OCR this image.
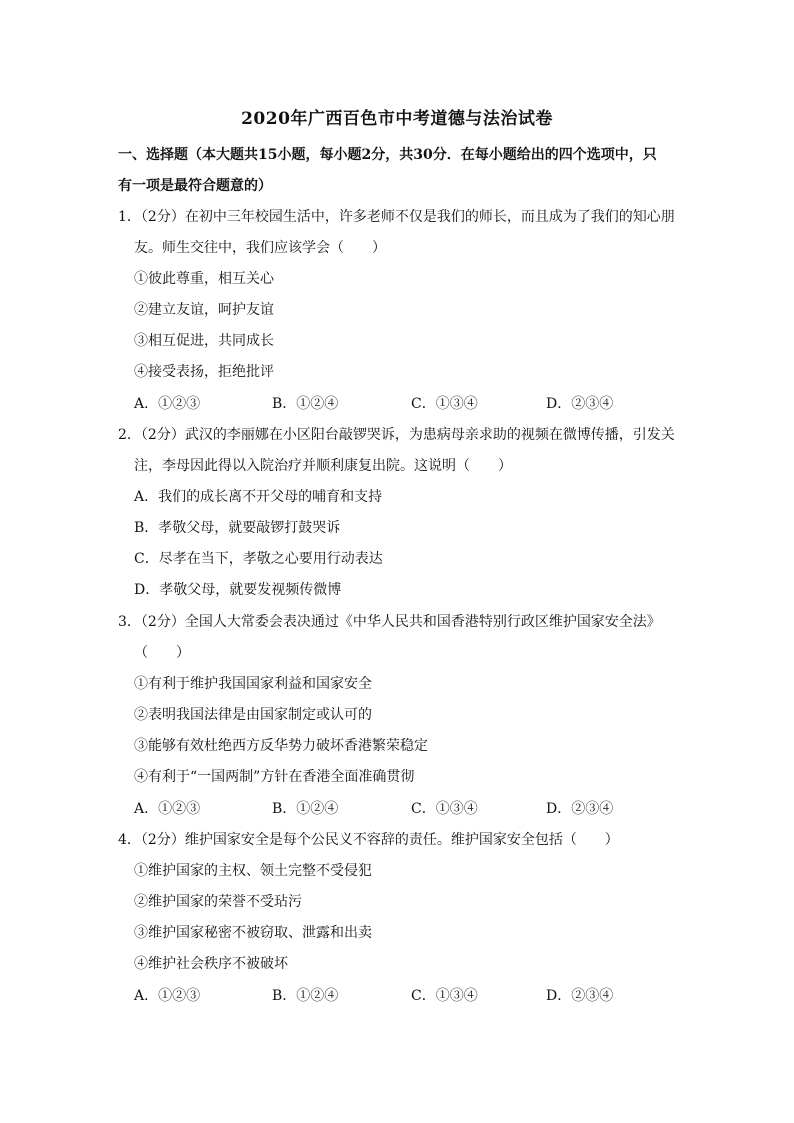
2020年广西百色市中考道德与法治试卷
一、选择题（本大题共15小题，每小题2分，共30分．在每小题给出的四个选项中，只
有一项是最符合题意的）
1．（2分）在初中三年校园生活中，许多老师不仅是我们的师长，而且成为了我们的知心朋
友。师生交往中，我们应该学会（　　）
①彼此尊重，相互关心
②建立友谊，呵护友谊
③相互促进，共同成长
④接受表扬，拒绝批评
A．①②③	B．①②④	C．①③④	D．②③④
2．（2分）武汉的李丽娜在小区阳台敲锣哭诉，为患病母亲求助的视频在微博传播，引发关
注，李母因此得以入院治疗并顺利康复出院。这说明（　　）
A．我们的成长离不开父母的哺育和支持
B．孝敬父母，就要敲锣打鼓哭诉
C．尽孝在当下，孝敬之心要用行动表达
D．孝敬父母，就要发视频传微博
3．（2分）全国人大常委会表决通过《中华人民共和国香港特别行政区维护国家安全法》
（　　）
①有利于维护我国国家利益和国家安全
②表明我国法律是由国家制定或认可的
③能够有效杜绝西方反华势力破坏香港繁荣稳定
④有利于“一国两制”方针在香港全面准确贯彻
A．①②③	B．①②④	C．①③④	D．②③④
4．（2分）维护国家安全是每个公民义不容辞的责任。维护国家安全包括（　　）
①维护国家的主权、领土完整不受侵犯
②维护国家的荣誉不受玷污
③维护国家秘密不被窃取、泄露和出卖
④维护社会秩序不被破坏
A．①②③	B．①②④	C．①③④	D．②③④
